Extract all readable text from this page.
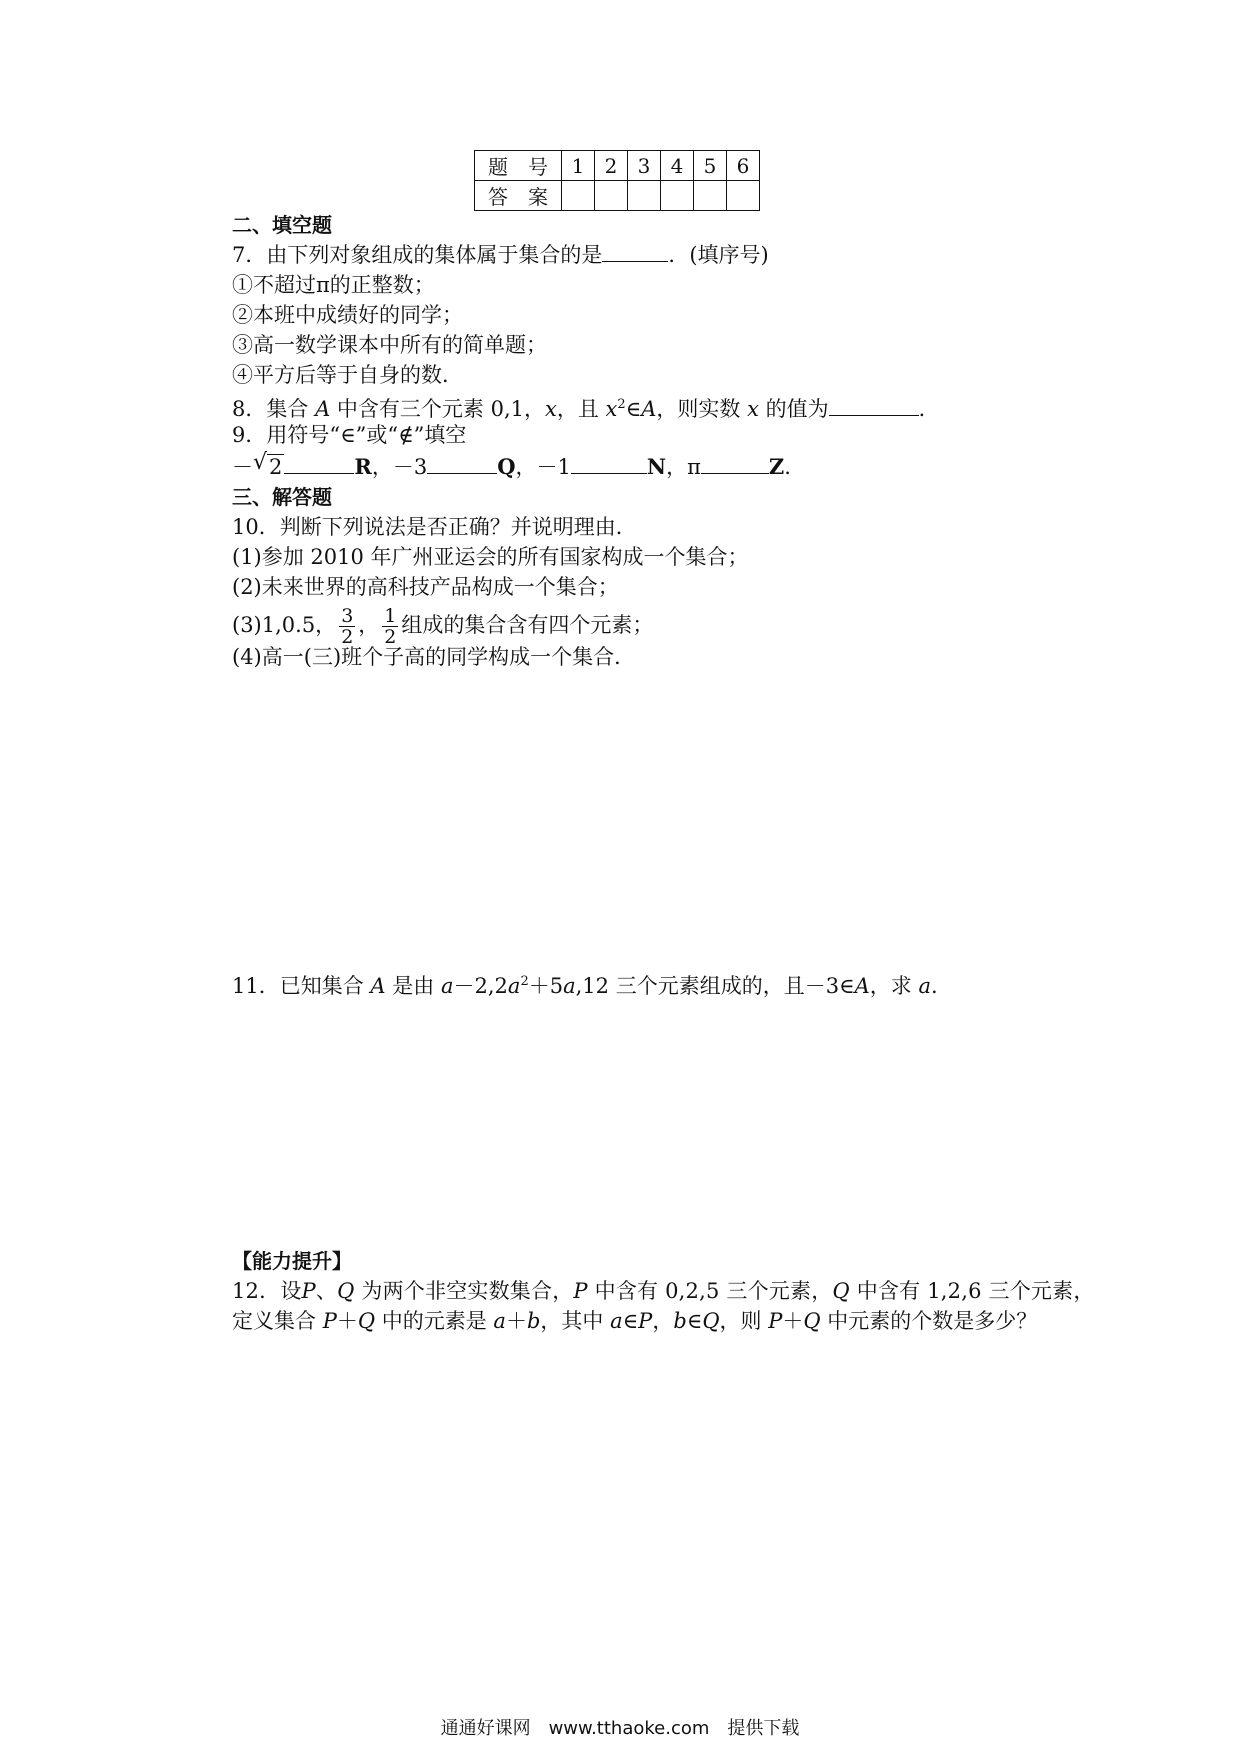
题　号	1	2	3	4	5	6
答　案						
二、填空题
7．由下列对象组成的集体属于集合的是	．(填序号)
①不超过π的正整数；
②本班中成绩好的同学；
③高一数学课本中所有的简单题；
④平方后等于自身的数．
8．集合 A 中含有三个元素 0,1，x，且 $x^2\in A$，则实数 x 的值为	．
9．用符号“∈”或“∉”填空
－ √ 2	R，－3	Q，－1	N，π	Z.
三、解答题
10．判断下列说法是否正确？并说明理由．
(1)参加 2010 年广州亚运会的所有国家构成一个集合；
(2)未来世界的高科技产品构成一个集合；
(3)1,0.5， $\frac{3}{2}$ ， $\frac{1}{2}$ 组成的集合含有四个元素；
(4)高一(三)班个子高的同学构成一个集合．
11．已知集合 A 是由 $a-2,2a^2+5a,12$ 三个元素组成的，且－3∈A，求 a.
【能力提升】
12．设P、Q 为两个非空实数集合，P 中含有 0,2,5 三个元素，Q 中含有 1,2,6 三个元素，
定义集合 P＋Q 中的元素是 a＋b，其中 a∈P，b∈Q，则 P＋Q 中元素的个数是多少？
通通好课网　www.tthaoke.com　提供下载
